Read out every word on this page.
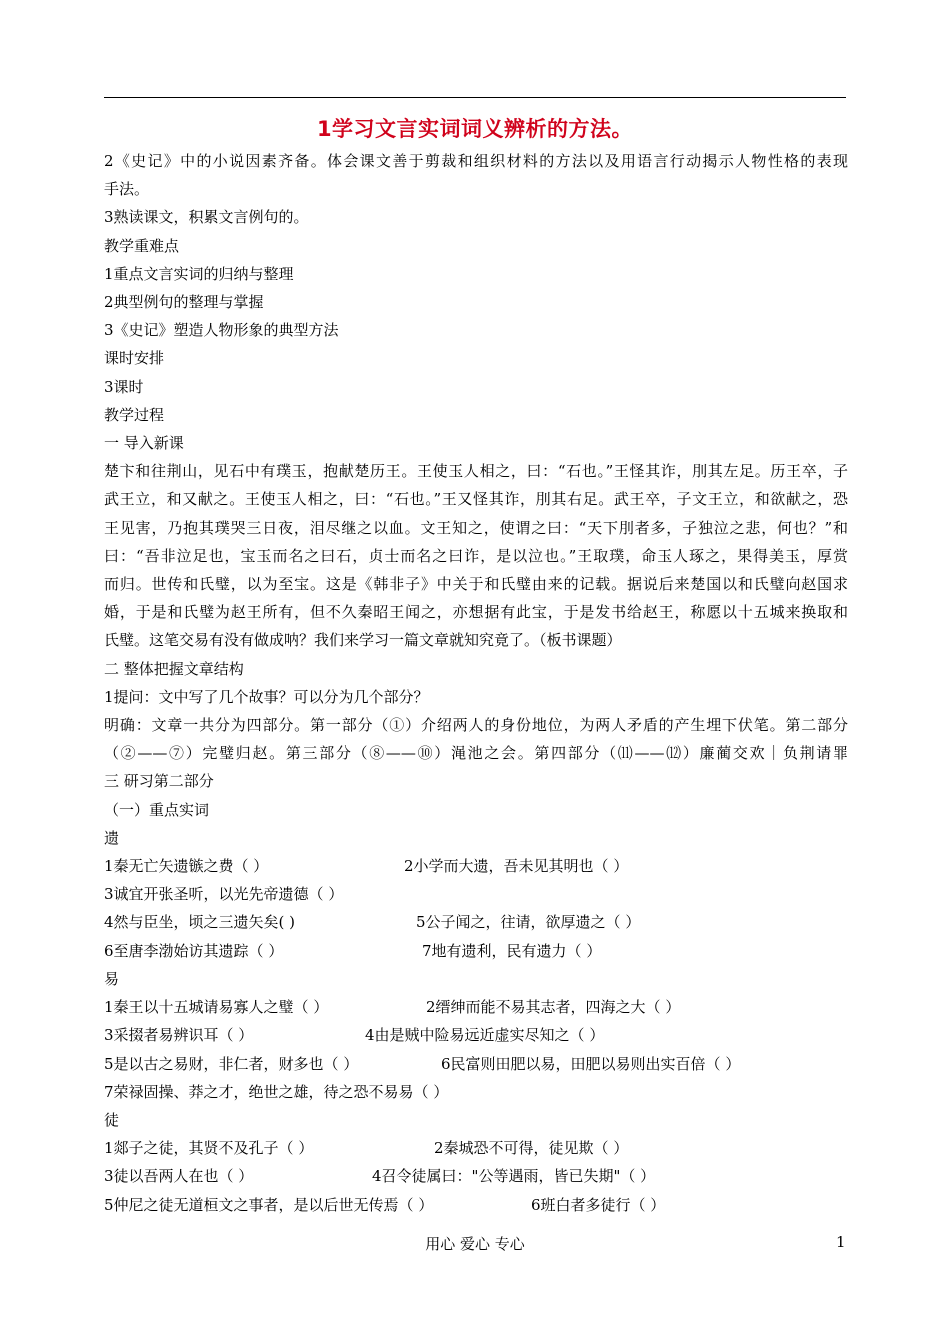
1学习文言实词词义辨析的方法。
2《史记》中的小说因素齐备。体会课文善于剪裁和组织材料的方法以及用语言行动揭示人物性格的表现
手法。
3熟读课文，积累文言例句的。
教学重难点
1重点文言实词的归纳与整理
2典型例句的整理与掌握
3《史记》塑造人物形象的典型方法
课时安排
3课时
教学过程
一 导入新课
楚卞和往荆山，见石中有璞玉，抱献楚历王。王使玉人相之，曰：“石也。”王怪其诈，刖其左足。历王卒，子
武王立，和又献之。王使玉人相之，曰：“石也。”王又怪其诈，刖其右足。武王卒，子文王立，和欲献之，恐
王见害，乃抱其璞哭三日夜，泪尽继之以血。文王知之，使谓之曰：“天下刖者多，子独泣之悲，何也？”和
曰：“吾非泣足也，宝玉而名之曰石，贞士而名之曰诈，是以泣也。”王取璞，命玉人琢之，果得美玉，厚赏
而归。世传和氏璧，以为至宝。这是《韩非子》中关于和氏璧由来的记载。据说后来楚国以和氏璧向赵国求
婚，于是和氏璧为赵王所有，但不久秦昭王闻之，亦想据有此宝，于是发书给赵王，称愿以十五城来换取和
氏璧。这笔交易有没有做成呐？我们来学习一篇文章就知究竟了。（板书课题）
二 整体把握文章结构
1提问：文中写了几个故事？可以分为几个部分？
明确：文章一共分为四部分。第一部分（①）介绍两人的身份地位，为两人矛盾的产生埋下伏笔。第二部分
（②——⑦）完璧归赵。第三部分（⑧——⑩）渑池之会。第四部分（⑾——⑿）廉蔺交欢｜负荆请罪
三 研习第二部分
（一）重点实词
遗
1秦无亡矢遗镞之费（ ）	2小学而大遗，吾未见其明也（ ）
3诚宜开张圣听，以光先帝遗德（ ）
4然与臣坐，顷之三遗矢矣( )	5公子闻之，往请，欲厚遗之（ ）
6至唐李渤始访其遗踪（ ）	7地有遗利，民有遗力（ ）
易
1秦王以十五城请易寡人之璧（ ）	2缙绅而能不易其志者，四海之大（ ）
3采掇者易辨识耳（ ）	4由是贼中险易远近虚实尽知之（ ）
5是以古之易财，非仁者，财多也（ ）	6民富则田肥以易，田肥以易则出实百倍（ ）
7荣禄固操、莽之才，绝世之雄，待之恐不易易（ ）
徒
1郯子之徒，其贤不及孔子（ ）	2秦城恐不可得，徒见欺（ ）
3徒以吾两人在也（ ）	4召令徒属曰："公等遇雨，皆已失期"（ ）
5仲尼之徒无道桓文之事者，是以后世无传焉（ ）	6班白者多徒行（ ）
用心 爱心 专心	1
